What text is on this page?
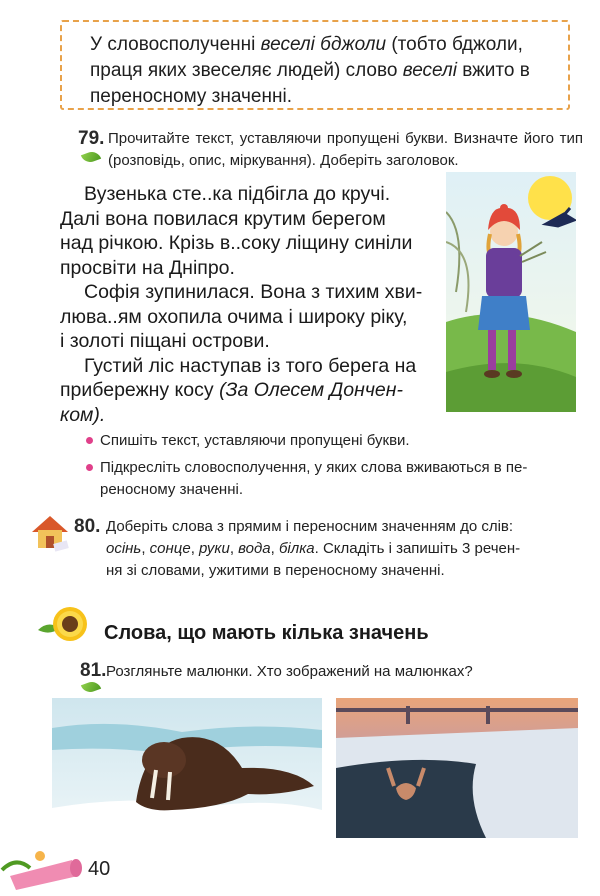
У словосполученні веселі бджоли (тобто бджоли, праця яких звеселяє людей) слово веселі вжито в переносному значенні.
79. Прочитайте текст, уставляючи пропущені букви. Визначте його тип (розповідь, опис, міркування). Доберіть заголовок.

Вузенька сте..ка підбігла до кручі.

Далі вона повилася крутим берегом
над річкою. Крізь в..соку ліщину синіли
просвіти на Дніпро.

Софія зупинилася. Вона з тихим хви-

люва..ям охопила очима і широку ріку,
і золоті піщані острови.

Густий ліс наступав із того берега на

прибережну косу (За Олесем Дончен-
ком).
Спишіть текст, уставляючи пропущені букви.
Підкресліть словосполучення, у яких слова вживаються в пе-
реносному значенні.
80. Доберіть слова з прямим і переносним значенням до слів:
осінь, сонце, руки, вода, білка. Складіть і запишіть 3 речен-
ня зі словами, ужитими в переносному значенні.
Слова, що мають кілька значень
81. Розгляньте малюнки. Хто зображений на малюнках?
40
